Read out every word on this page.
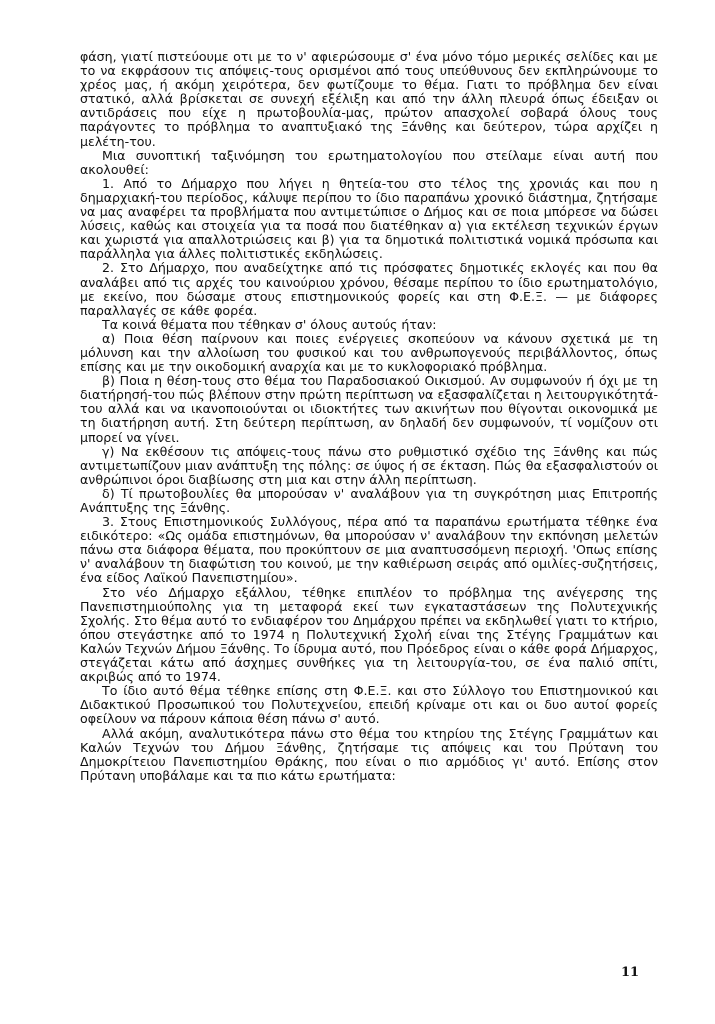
φάση, γιατί πιστεύουμε οτι με το ν' αφιερώσουμε σ' ένα μόνο τόμο μερικές σελίδες και με το να εκφράσουν τις απόψεις-τους ορισμένοι από τους υπεύθυνους δεν εκπληρώνουμε το χρέος μας, ή ακόμη χειρότερα, δεν φωτίζουμε το θέμα. Γιατι το πρόβλημα δεν είναι στατικό, αλλά βρίσκεται σε συνεχή εξέλιξη και από την άλλη πλευρά όπως έδειξαν οι αντιδράσεις που είχε η πρωτοβουλία-μας, πρώτον απασχολεί σοβαρά όλους τους παράγοντες το πρόβλημα το αναπτυξιακό της Ξάνθης και δεύτερον, τώρα αρχίζει η μελέτη-του.

Μια συνοπτική ταξινόμηση του ερωτηματολογίου που στείλαμε είναι αυτή που ακολουθεί:

1. Από το Δήμαρχο που λήγει η θητεία-του στο τέλος της χρονιάς και που η δημαρχιακή-του περίοδος, κάλυψε περίπου το ίδιο παραπάνω χρονικό διάστημα, ζητήσαμε να μας αναφέρει τα προβλήματα που αντιμετώπισε ο Δήμος και σε ποια μπόρεσε να δώσει λύσεις, καθώς και στοιχεία για τα ποσά που διατέθηκαν α) για εκτέλεση τεχνικών έργων και χωριστά για απαλλοτριώσεις και β) για τα δημοτικά πολιτιστικά νομικά πρόσωπα και παράλληλα για άλλες πολιτιστικές εκδηλώσεις.

2. Στο Δήμαρχο, που αναδείχτηκε από τις πρόσφατες δημοτικές εκλογές και που θα αναλάβει από τις αρχές του καινούριου χρόνου, θέσαμε περίπου το ίδιο ερωτηματολόγιο, με εκείνο, που δώσαμε στους επιστημονικούς φορείς και στη Φ.Ε.Ξ. — με διάφορες παραλλαγές σε κάθε φορέα.

Τα κοινά θέματα που τέθηκαν σ' όλους αυτούς ήταν:

α) Ποια θέση παίρνουν και ποιες ενέργειες σκοπεύουν να κάνουν σχετικά με τη μόλυνση και την αλλοίωση του φυσικού και του ανθρωπογενούς περιβάλλοντος, όπως επίσης και με την οικοδομική αναρχία και με το κυκλοφοριακό πρόβλημα.

β) Ποια η θέση-τους στο θέμα του Παραδοσιακού Οικισμού. Αν συμφωνούν ή όχι με τη διατήρησή-του πώς βλέπουν στην πρώτη περίπτωση να εξασφαλίζεται η λειτουργικότητά-του αλλά και να ικανοποιούνται οι ιδιοκτήτες των ακινήτων που θίγονται οικονομικά με τη διατήρηση αυτή. Στη δεύτερη περίπτωση, αν δηλαδή δεν συμφωνούν, τί νομίζουν οτι μπορεί να γίνει.

γ) Να εκθέσουν τις απόψεις-τους πάνω στο ρυθμιστικό σχέδιο της Ξάνθης και πώς αντιμετωπίζουν μιαν ανάπτυξη της πόλης: σε ύψος ή σε έκταση. Πώς θα εξασφαλιστούν οι ανθρώπινοι όροι διαβίωσης στη μια και στην άλλη περίπτωση.

δ) Τί πρωτοβουλίες θα μπορούσαν ν' αναλάβουν για τη συγκρότηση μιας Επιτροπής Ανάπτυξης της Ξάνθης.

3. Στους Επιστημονικούς Συλλόγους, πέρα από τα παραπάνω ερωτήματα τέθηκε ένα ειδικότερο: «Ως ομάδα επιστημόνων, θα μπορούσαν ν' αναλάβουν την εκπόνηση μελετών πάνω στα διάφορα θέματα, που προκύπτουν σε μια αναπτυσσόμενη περιοχή. 'Οπως επίσης ν' αναλάβουν τη διαφώτιση του κοινού, με την καθιέρωση σειράς από ομιλίες-συζητήσεις, ένα είδος Λαϊκού Πανεπιστημίου».

Στο νέο Δήμαρχο εξάλλου, τέθηκε επιπλέον το πρόβλημα της ανέγερσης της Πανεπιστημιούπολης για τη μεταφορά εκεί των εγκαταστάσεων της Πολυτεχνικής Σχολής. Στο θέμα αυτό το ενδιαφέρον του Δημάρχου πρέπει να εκδηλωθεί γιατι το κτήριο, όπου στεγάστηκε από το 1974 η Πολυτεχνική Σχολή είναι της Στέγης Γραμμάτων και Καλών Τεχνών Δήμου Ξάνθης. Το ίδρυμα αυτό, που Πρόεδρος είναι ο κάθε φορά Δήμαρχος, στεγάζεται κάτω από άσχημες συνθήκες για τη λειτουργία-του, σε ένα παλιό σπίτι, ακριβώς από το 1974.

Το ίδιο αυτό θέμα τέθηκε επίσης στη Φ.Ε.Ξ. και στο Σύλλογο του Επιστημονικού και Διδακτικού Προσωπικού του Πολυτεχνείου, επειδή κρίναμε οτι και οι δυο αυτοί φορείς οφείλουν να πάρουν κάποια θέση πάνω σ' αυτό.

Αλλά ακόμη, αναλυτικότερα πάνω στο θέμα του κτηρίου της Στέγης Γραμμάτων και Καλών Τεχνών του Δήμου Ξάνθης, ζητήσαμε τις απόψεις και του Πρύτανη του Δημοκρίτειου Πανεπιστημίου Θράκης, που είναι ο πιο αρμόδιος γι' αυτό. Επίσης στον Πρύτανη υποβάλαμε και τα πιο κάτω ερωτήματα:

11
